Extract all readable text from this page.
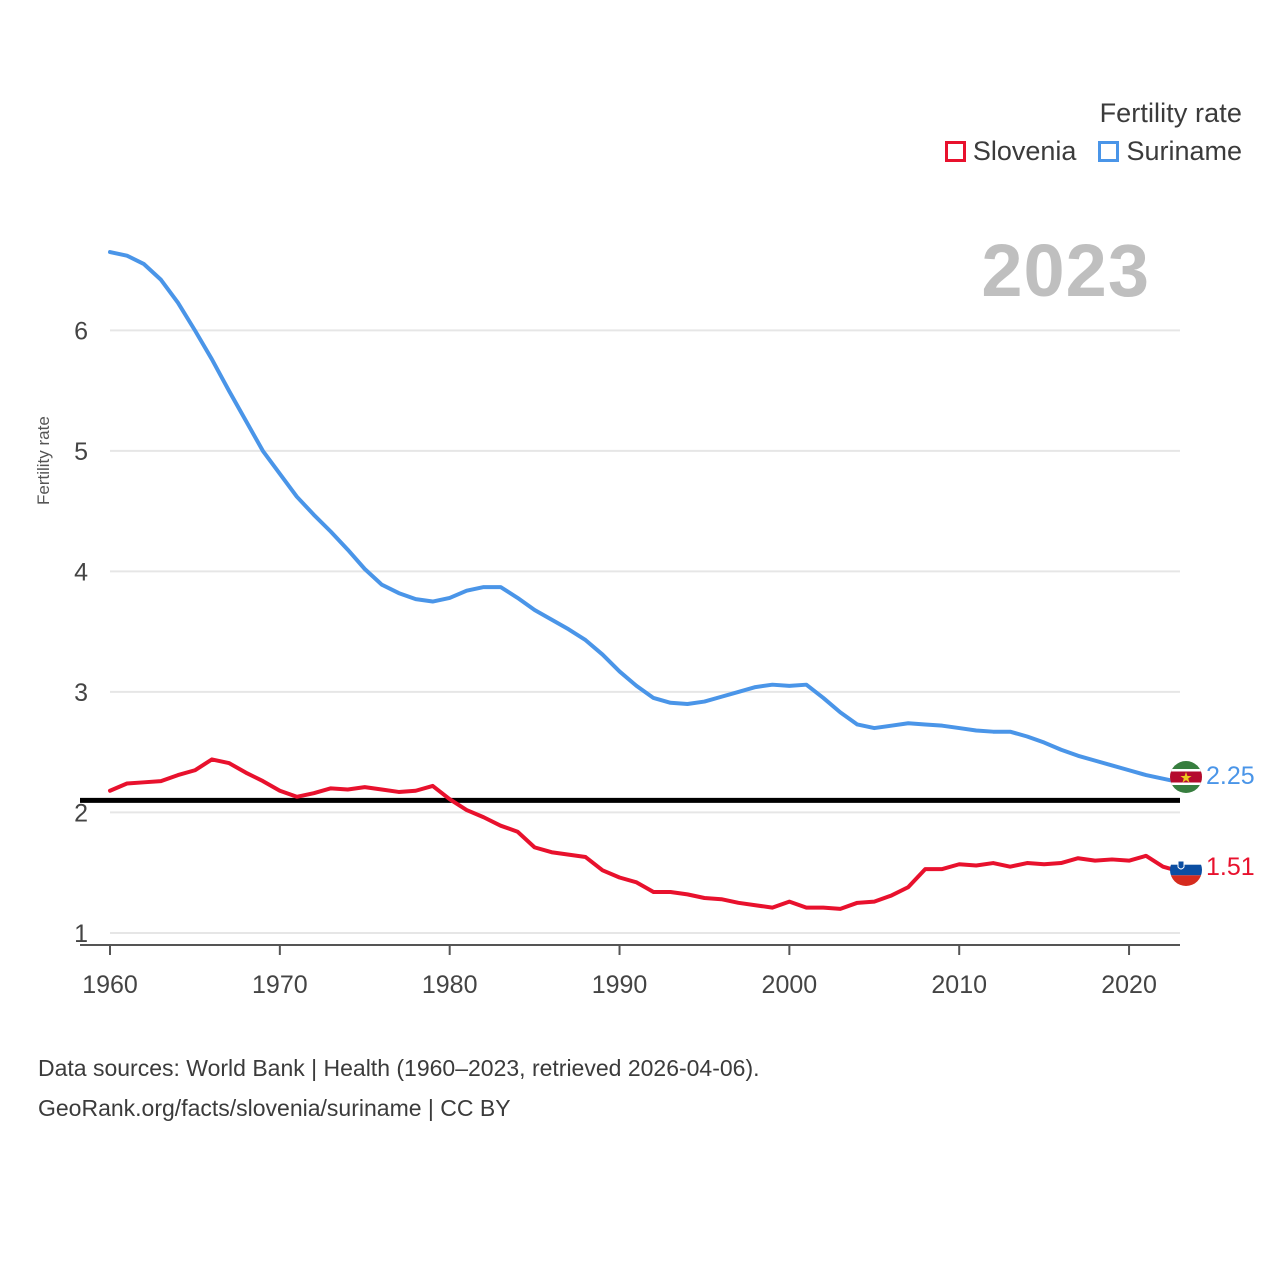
Fertility rate
Slovenia Suriname
2023
Fertility rate
1
2
3
4
5
6
1960	1970	1980	1990	2000	2010	2020
2.25
1.51
Data sources: World Bank | Health (1960–2023, retrieved 2026-04-06).
GeoRank.org/facts/slovenia/suriname | CC BY
